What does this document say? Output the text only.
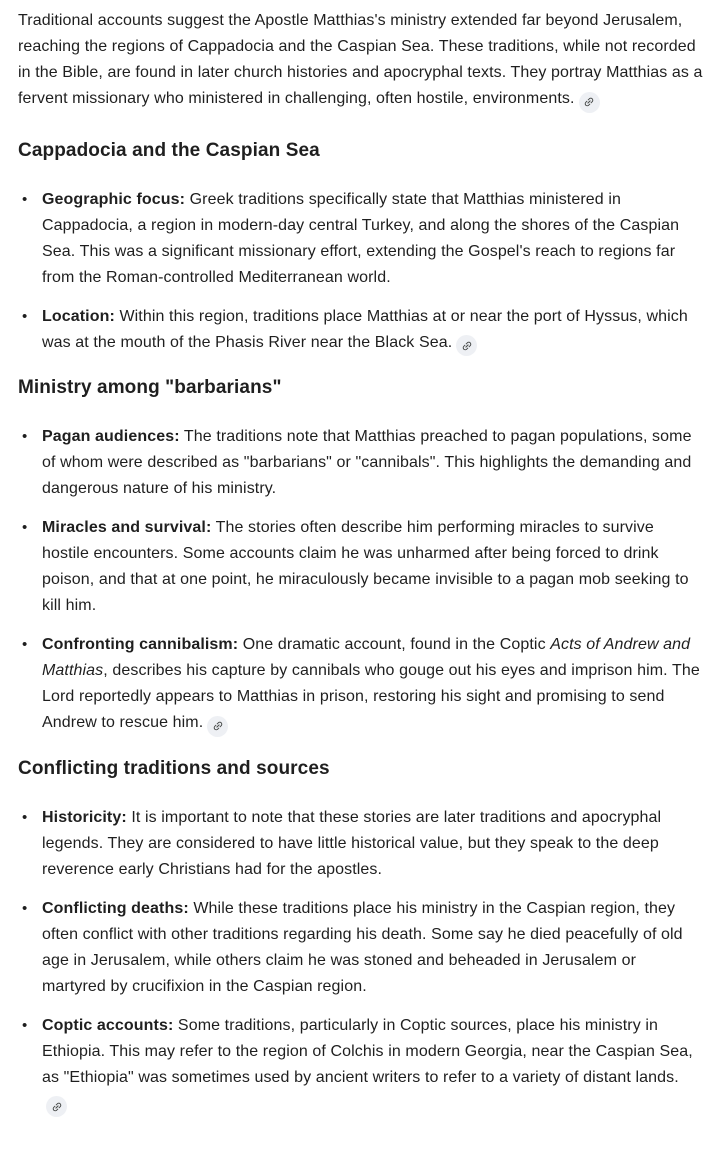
Traditional accounts suggest the Apostle Matthias's ministry extended far beyond Jerusalem, reaching the regions of Cappadocia and the Caspian Sea. These traditions, while not recorded in the Bible, are found in later church histories and apocryphal texts. They portray Matthias as a fervent missionary who ministered in challenging, often hostile, environments.

Cappadocia and the Caspian Sea
• Geographic focus: Greek traditions specifically state that Matthias ministered in Cappadocia, a region in modern-day central Turkey, and along the shores of the Caspian Sea. This was a significant missionary effort, extending the Gospel's reach to regions far from the Roman-controlled Mediterranean world.
• Location: Within this region, traditions place Matthias at or near the port of Hyssus, which was at the mouth of the Phasis River near the Black Sea.
Ministry among "barbarians"
• Pagan audiences: The traditions note that Matthias preached to pagan populations, some of whom were described as "barbarians" or "cannibals". This highlights the demanding and dangerous nature of his ministry.
• Miracles and survival: The stories often describe him performing miracles to survive hostile encounters. Some accounts claim he was unharmed after being forced to drink poison, and that at one point, he miraculously became invisible to a pagan mob seeking to kill him.
• Confronting cannibalism: One dramatic account, found in the Coptic Acts of Andrew and Matthias, describes his capture by cannibals who gouge out his eyes and imprison him. The Lord reportedly appears to Matthias in prison, restoring his sight and promising to send Andrew to rescue him.
Conflicting traditions and sources
• Historicity: It is important to note that these stories are later traditions and apocryphal legends. They are considered to have little historical value, but they speak to the deep reverence early Christians had for the apostles.
• Conflicting deaths: While these traditions place his ministry in the Caspian region, they often conflict with other traditions regarding his death. Some say he died peacefully of old age in Jerusalem, while others claim he was stoned and beheaded in Jerusalem or martyred by crucifixion in the Caspian region.
• Coptic accounts: Some traditions, particularly in Coptic sources, place his ministry in Ethiopia. This may refer to the region of Colchis in modern Georgia, near the Caspian Sea, as "Ethiopia" was sometimes used by ancient writers to refer to a variety of distant lands.
